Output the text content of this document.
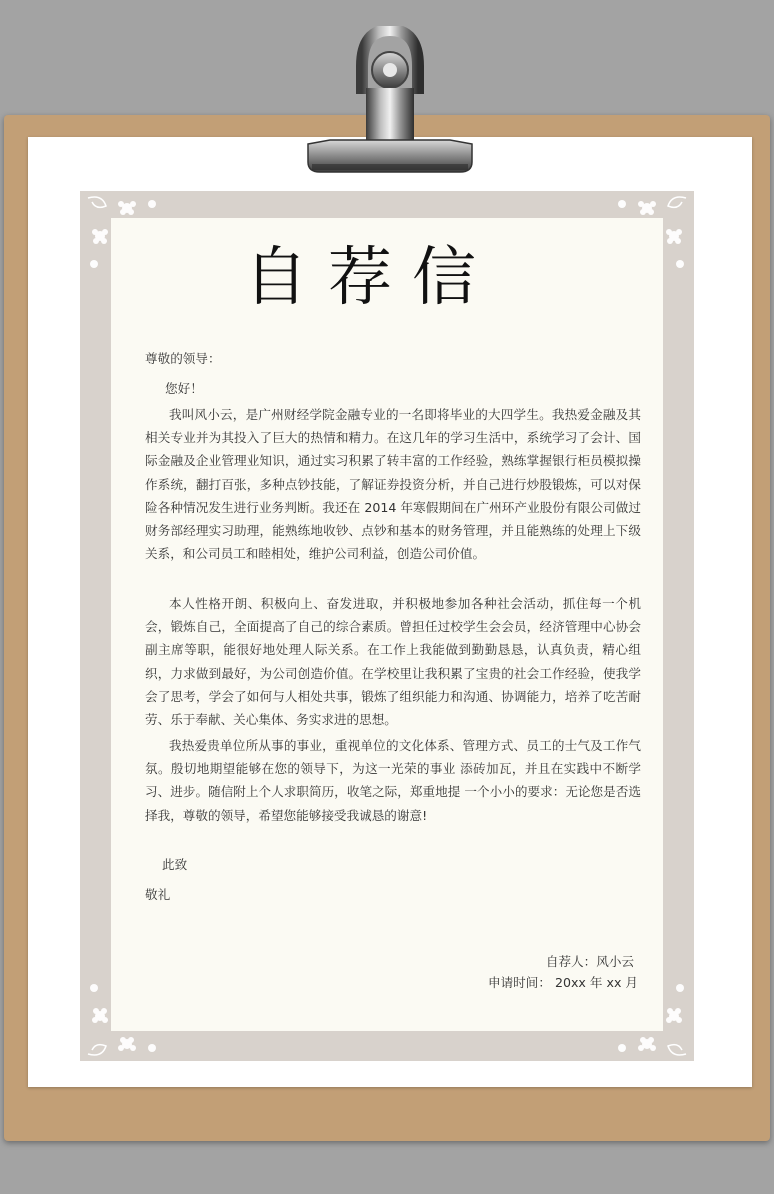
自荐信
尊敬的领导：
您好！

我叫风小云，是广州财经学院金融专业的一名即将毕业的大四学生。我热爱金融及其相关专业并为其投入了巨大的热情和精力。在这几年的学习生活中，系统学习了会计、国际金融及企业管理业知识，通过实习积累了转丰富的工作经验，熟练掌握银行柜员模拟操作系统，翻打百张，多种点钞技能，了解证券投资分析，并自己进行炒股锻炼，可以对保险各种情况发生进行业务判断。我还在 2014 年寒假期间在广州环产业股份有限公司做过财务部经理实习助理，能熟练地收钞、点钞和基本的财务管理，并且能熟练的处理上下级关系，和公司员工和睦相处，维护公司利益，创造公司价值。

本人性格开朗、积极向上、奋发进取，并积极地参加各种社会活动，抓住每一个机会，锻炼自己，全面提高了自己的综合素质。曾担任过校学生会会员，经济管理中心协会副主席等职，能很好地处理人际关系。在工作上我能做到勤勤恳恳，认真负责，精心组织，力求做到最好，为公司创造价值。在学校里让我积累了宝贵的社会工作经验，使我学会了思考，学会了如何与人相处共事，锻炼了组织能力和沟通、协调能力，培养了吃苦耐劳、乐于奉献、关心集体、务实求进的思想。

我热爱贵单位所从事的事业，重视单位的文化体系、管理方式、员工的士气及工作气氛。殷切地期望能够在您的领导下，为这一光荣的事业 添砖加瓦，并且在实践中不断学习、进步。随信附上个人求职简历，收笔之际，郑重地提 一个小小的要求：无论您是否选择我，尊敬的领导，希望您能够接受我诚恳的谢意!

此致
敬礼
自荐人：风小云
申请时间： 20xx 年 xx 月
